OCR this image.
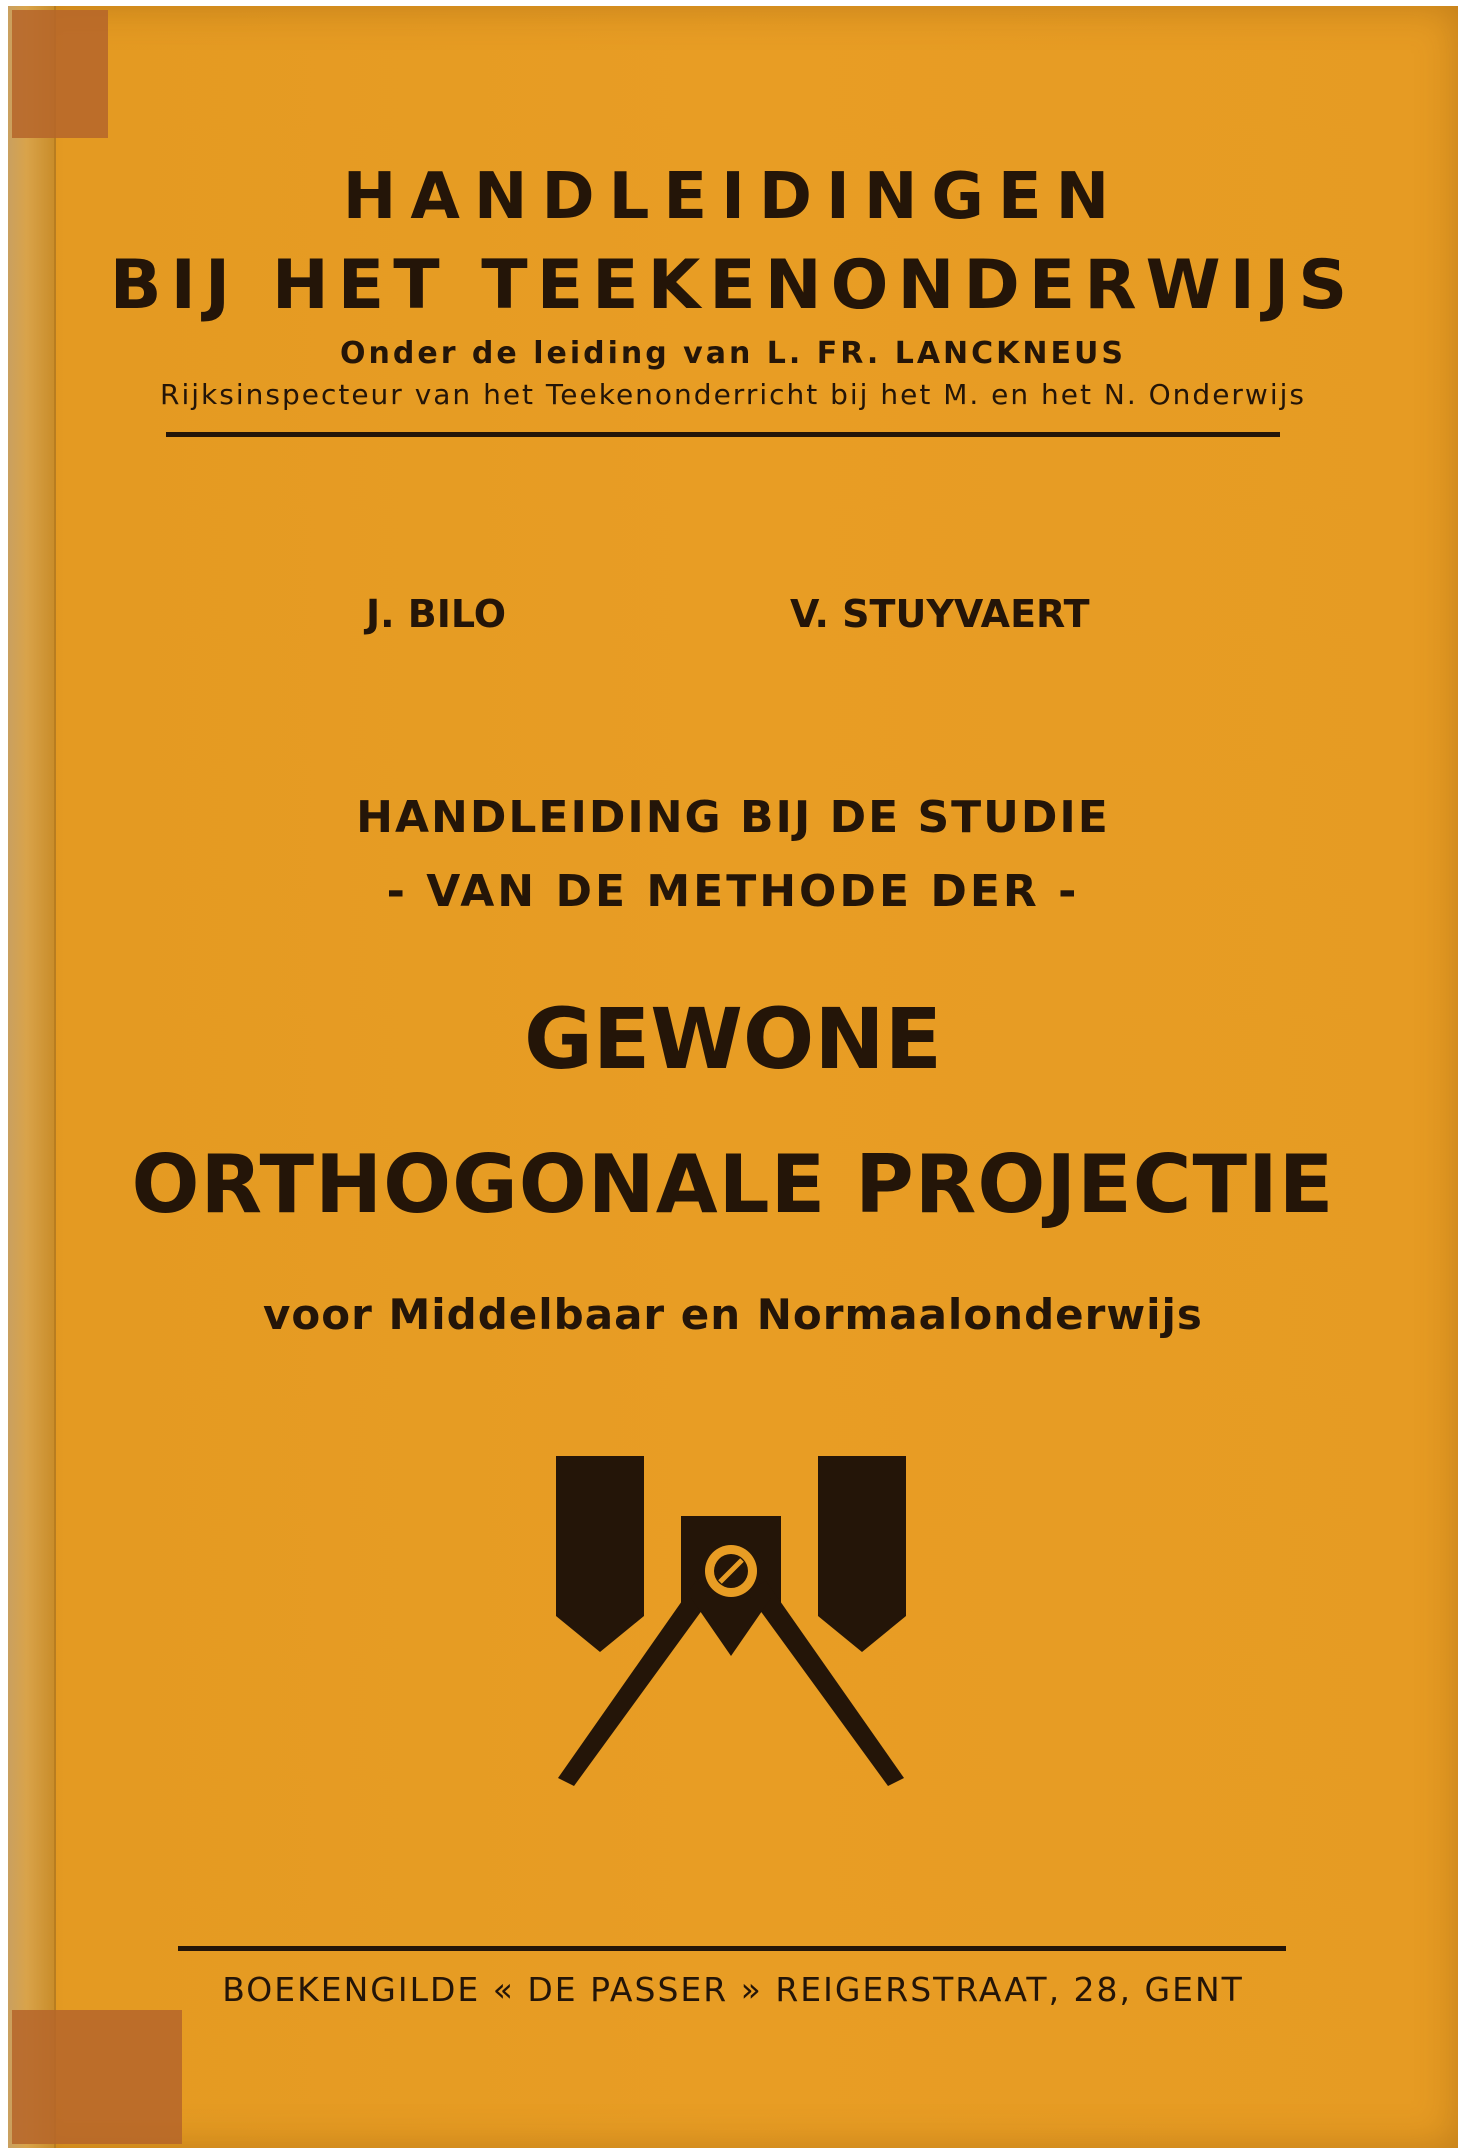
HANDLEIDINGEN
BIJ HET TEEKENONDERWIJS
Onder de leiding van L. FR. LANCKNEUS
Rijksinspecteur van het Teekenonderricht bij het M. en het N. Onderwijs
J. BILO	V. STUYVAERT
HANDLEIDING BIJ DE STUDIE
- VAN DE METHODE DER -
GEWONE
ORTHOGONALE PROJECTIE
voor Middelbaar en Normaalonderwijs
BOEKENGILDE « DE PASSER » REIGERSTRAAT, 28, GENT
